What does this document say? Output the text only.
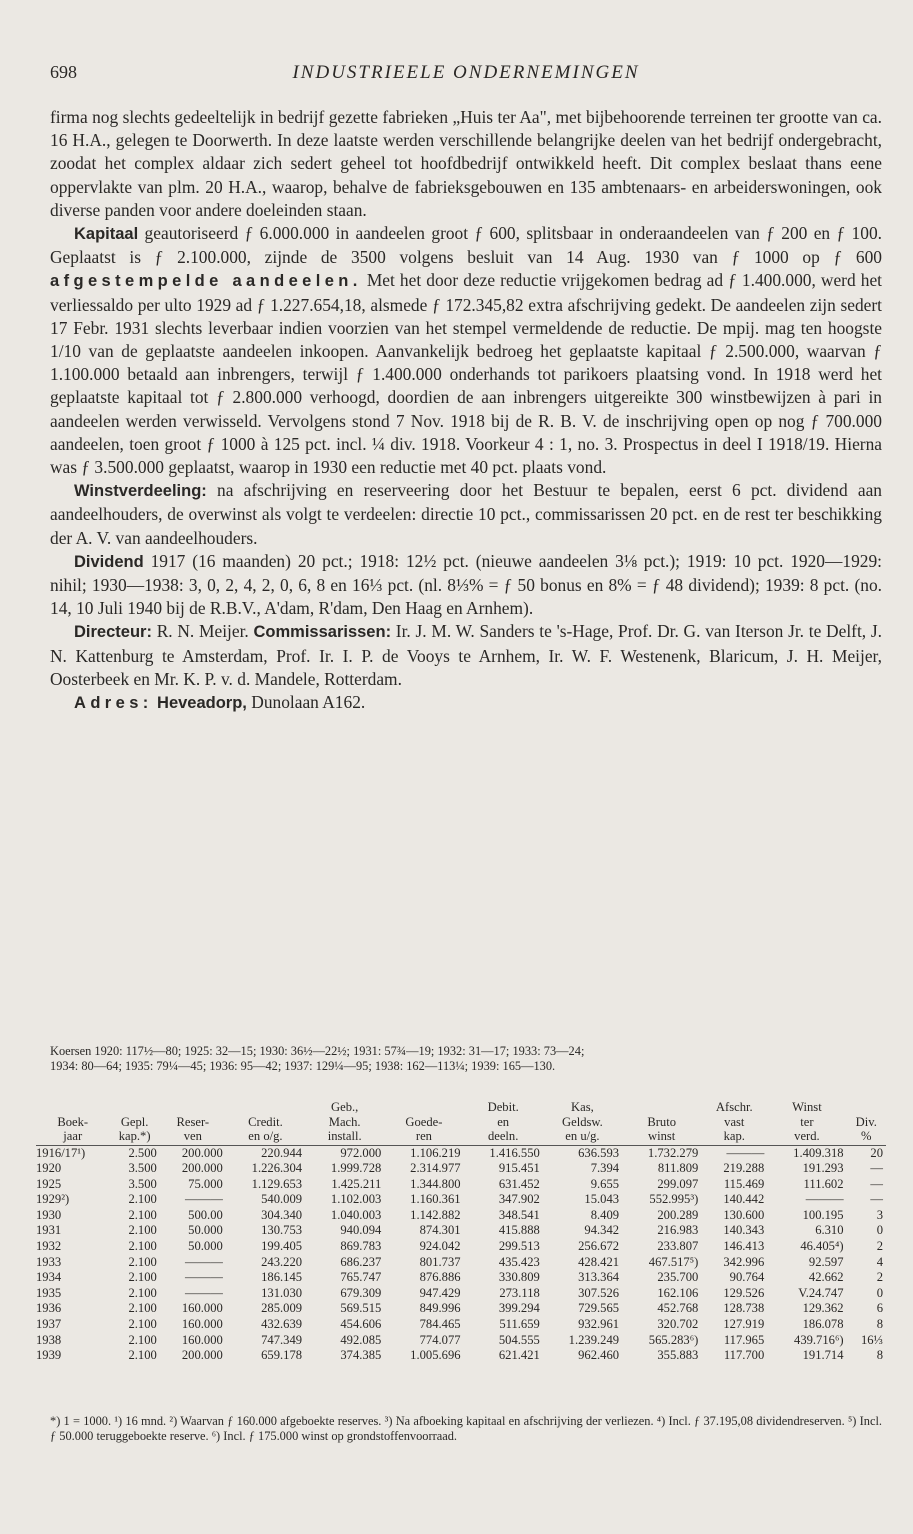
698	INDUSTRIEELE ONDERNEMINGEN

firma nog slechts gedeeltelijk in bedrijf gezette fabrieken „Huis ter Aa", met bijbehoorende terreinen ter grootte van ca. 16 H.A., gelegen te Doorwerth. In deze laatste werden verschillende belangrijke deelen van het bedrijf ondergebracht, zoodat het complex aldaar zich sedert geheel tot hoofdbedrijf ontwikkeld heeft. Dit complex beslaat thans eene oppervlakte van plm. 20 H.A., waarop, behalve de fabrieksgebouwen en 135 ambtenaars- en arbeiderswoningen, ook diverse panden voor andere doeleinden staan.

Kapitaal geautoriseerd ƒ 6.000.000 in aandeelen groot ƒ 600, splitsbaar in onderaandeelen van ƒ 200 en ƒ 100. Geplaatst is ƒ 2.100.000, zijnde de 3500 volgens besluit van 14 Aug. 1930 van ƒ 1000 op ƒ 600 afgestempelde aandeelen. Met het door deze reductie vrijgekomen bedrag ad ƒ 1.400.000, werd het verliessaldo per ulto 1929 ad ƒ 1.227.654,18, alsmede ƒ 172.345,82 extra afschrijving gedekt. De aandeelen zijn sedert 17 Febr. 1931 slechts leverbaar indien voorzien van het stempel vermeldende de reductie. De mpij. mag ten hoogste 1/10 van de geplaatste aandeelen inkoopen. Aanvankelijk bedroeg het geplaatste kapitaal ƒ 2.500.000, waarvan ƒ 1.100.000 betaald aan inbrengers, terwijl ƒ 1.400.000 onderhands tot parikoers plaatsing vond. In 1918 werd het geplaatste kapitaal tot ƒ 2.800.000 verhoogd, doordien de aan inbrengers uitgereikte 300 winstbewijzen à pari in aandeelen werden verwisseld. Vervolgens stond 7 Nov. 1918 bij de R. B. V. de inschrijving open op nog ƒ 700.000 aandeelen, toen groot ƒ 1000 à 125 pct. incl. ¼ div. 1918. Voorkeur 4 : 1, no. 3. Prospectus in deel I 1918/19. Hierna was ƒ 3.500.000 geplaatst, waarop in 1930 een reductie met 40 pct. plaats vond.

Winstverdeeling: na afschrijving en reserveering door het Bestuur te bepalen, eerst 6 pct. dividend aan aandeelhouders, de overwinst als volgt te verdeelen: directie 10 pct., commissarissen 20 pct. en de rest ter beschikking der A. V. van aandeelhouders.

Dividend 1917 (16 maanden) 20 pct.; 1918: 12½ pct. (nieuwe aandeelen 3⅛ pct.); 1919: 10 pct. 1920—1929: nihil; 1930—1938: 3, 0, 2, 4, 2, 0, 6, 8 en 16⅓ pct. (nl. 8⅓% = ƒ 50 bonus en 8% = ƒ 48 dividend); 1939: 8 pct. (no. 14, 10 Juli 1940 bij de R.B.V., A'dam, R'dam, Den Haag en Arnhem).

Directeur: R. N. Meijer. Commissarissen: Ir. J. M. W. Sanders te 's-Hage, Prof. Dr. G. van Iterson Jr. te Delft, J. N. Kattenburg te Amsterdam, Prof. Ir. I. P. de Vooys te Arnhem, Ir. W. F. Westenenk, Blaricum, J. H. Meijer, Oosterbeek en Mr. K. P. v. d. Mandele, Rotterdam.

Adres: Heveadorp, Dunolaan A162.

Koersen 1920: 117½—80; 1925: 32—15; 1930: 36½—22½; 1931: 57¾—19; 1932: 31—17; 1933: 73—24;
1934: 80—64; 1935: 79¼—45; 1936: 95—42; 1937: 129¼—95; 1938: 162—113¼; 1939: 165—130.
				Geb.,		Debit.	Kas,		Afschr.	Winst	
Boek-	Gepl.	Reser-	Credit.	Mach.	Goede-	en	Geldsw.	Bruto	vast	ter	Div.
jaar	kap.*)	ven	en o/g.	install.	ren	deeln.	en u/g.	winst	kap.	verd.	%
1916/17¹)	2.500	200.000	220.944	972.000	1.106.219	1.416.550	636.593	1.732.279	———	1.409.318	20
1920	3.500	200.000	1.226.304	1.999.728	2.314.977	915.451	7.394	811.809	219.288	191.293	—
1925	3.500	75.000	1.129.653	1.425.211	1.344.800	631.452	9.655	299.097	115.469	111.602	—
1929²)	2.100	———	540.009	1.102.003	1.160.361	347.902	15.043	552.995³)	140.442	———	—
1930	2.100	500.00	304.340	1.040.003	1.142.882	348.541	8.409	200.289	130.600	100.195	3
1931	2.100	50.000	130.753	940.094	874.301	415.888	94.342	216.983	140.343	6.310	0
1932	2.100	50.000	199.405	869.783	924.042	299.513	256.672	233.807	146.413	46.405⁴)	2
1933	2.100	———	243.220	686.237	801.737	435.423	428.421	467.517⁵)	342.996	92.597	4
1934	2.100	———	186.145	765.747	876.886	330.809	313.364	235.700	90.764	42.662	2
1935	2.100	———	131.030	679.309	947.429	273.118	307.526	162.106	129.526	V.24.747	0
1936	2.100	160.000	285.009	569.515	849.996	399.294	729.565	452.768	128.738	129.362	6
1937	2.100	160.000	432.639	454.606	784.465	511.659	932.961	320.702	127.919	186.078	8
1938	2.100	160.000	747.349	492.085	774.077	504.555	1.239.249	565.283⁶)	117.965	439.716⁶)	16⅓
1939	2.100	200.000	659.178	374.385	1.005.696	621.421	962.460	355.883	117.700	191.714	8
*) 1 = 1000. ¹) 16 mnd. ²) Waarvan ƒ 160.000 afgeboekte reserves. ³) Na afboeking kapitaal en afschrijving der verliezen. ⁴) Incl. ƒ 37.195,08 dividendreserven. ⁵) Incl. ƒ 50.000 teruggeboekte reserve. ⁶) Incl. ƒ 175.000 winst op grondstoffenvoorraad.
